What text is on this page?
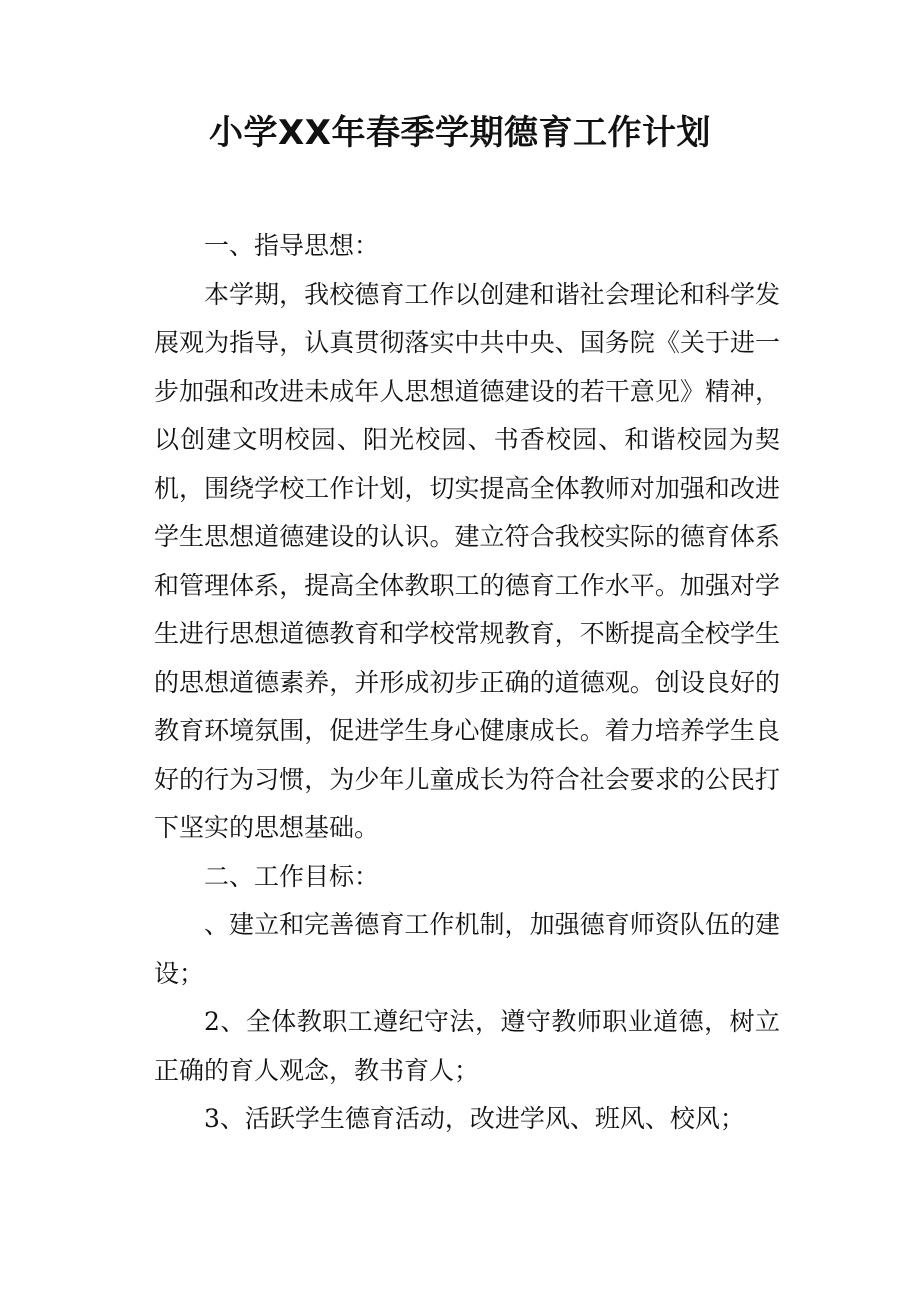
小学XX年春季学期德育工作计划

一、指导思想：

本学期，我校德育工作以创建和谐社会理论和科学发展观为指导，认真贯彻落实中共中央、国务院《关于进一步加强和改进未成年人思想道德建设的若干意见》精神，以创建文明校园、阳光校园、书香校园、和谐校园为契机，围绕学校工作计划，切实提高全体教师对加强和改进学生思想道德建设的认识。建立符合我校实际的德育体系和管理体系，提高全体教职工的德育工作水平。加强对学生进行思想道德教育和学校常规教育，不断提高全校学生的思想道德素养，并形成初步正确的道德观。创设良好的教育环境氛围，促进学生身心健康成长。着力培养学生良好的行为习惯，为少年儿童成长为符合社会要求的公民打下坚实的思想基础。

二、工作目标：

、建立和完善德育工作机制，加强德育师资队伍的建设；

2、全体教职工遵纪守法，遵守教师职业道德，树立正确的育人观念，教书育人；

3、活跃学生德育活动，改进学风、班风、校风；
